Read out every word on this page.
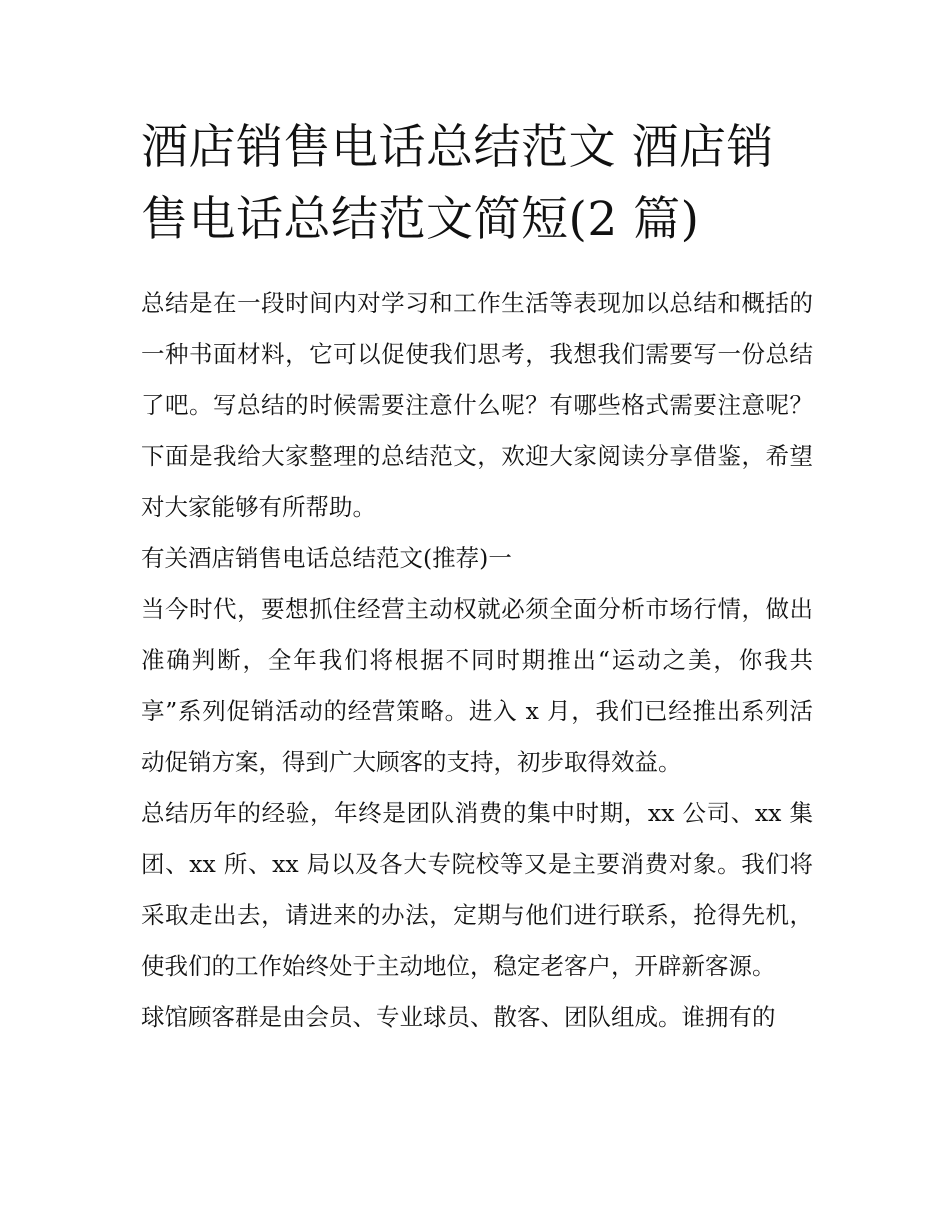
酒店销售电话总结范文 酒店销售电话总结范文简短(2 篇)

总结是在一段时间内对学习和工作生活等表现加以总结和概括的一种书面材料，它可以促使我们思考，我想我们需要写一份总结了吧。写总结的时候需要注意什么呢？有哪些格式需要注意呢？下面是我给大家整理的总结范文，欢迎大家阅读分享借鉴，希望对大家能够有所帮助。

有关酒店销售电话总结范文(推荐)一

当今时代，要想抓住经营主动权就必须全面分析市场行情，做出准确判断，全年我们将根据不同时期推出“运动之美，你我共享”系列促销活动的经营策略。进入 x 月，我们已经推出系列活动促销方案，得到广大顾客的支持，初步取得效益。

总结历年的经验，年终是团队消费的集中时期，xx 公司、xx 集团、xx 所、xx 局以及各大专院校等又是主要消费对象。我们将采取走出去，请进来的办法，定期与他们进行联系，抢得先机，使我们的工作始终处于主动地位，稳定老客户，开辟新客源。

球馆顾客群是由会员、专业球员、散客、团队组成。谁拥有的
